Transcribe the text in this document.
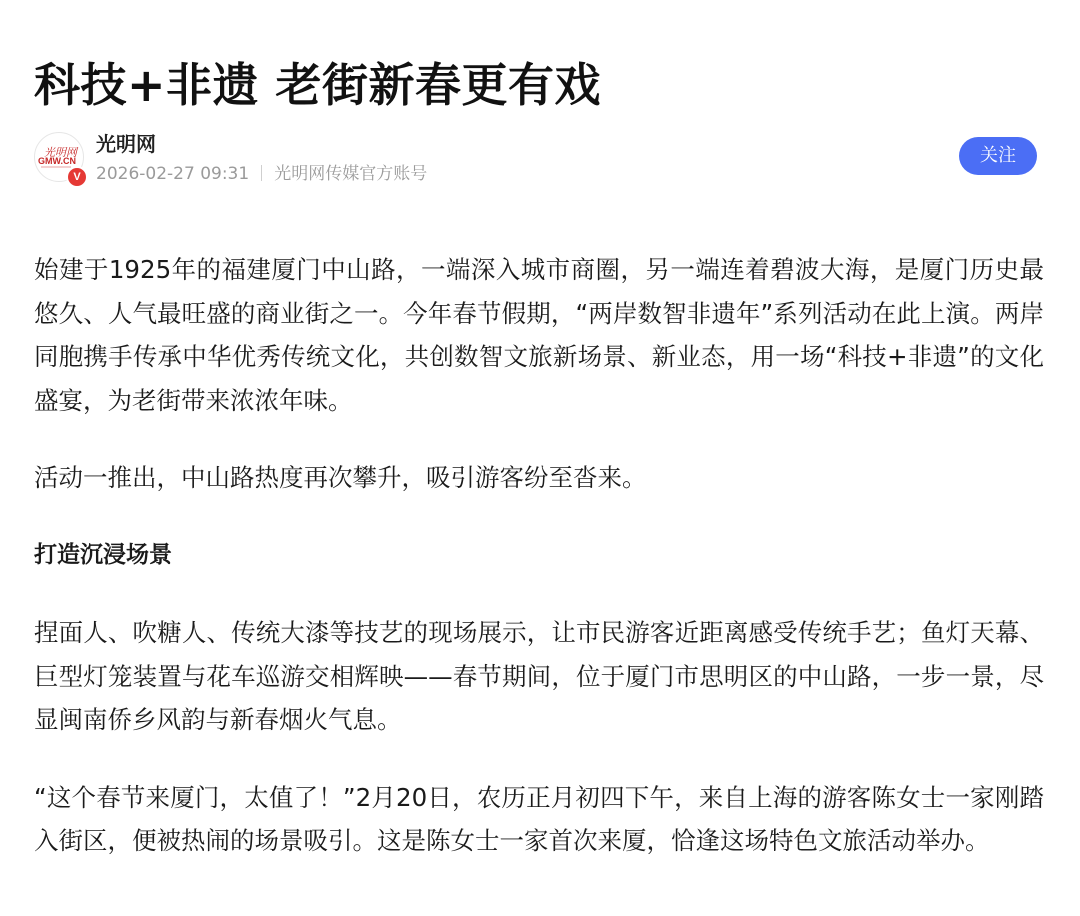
科技+非遗 老街新春更有戏
光明网
GMW.CN
V
光明网
2026-02-27 09:31 光明网传媒官方账号
关注

始建于1925年的福建厦门中山路，一端深入城市商圈，另一端连着碧波大海，是厦门历史最悠久、人气最旺盛的商业街之一。今年春节假期，“两岸数智非遗年”系列活动在此上演。两岸同胞携手传承中华优秀传统文化，共创数智文旅新场景、新业态，用一场“科技+非遗”的文化盛宴，为老街带来浓浓年味。

活动一推出，中山路热度再次攀升，吸引游客纷至沓来。

打造沉浸场景

捏面人、吹糖人、传统大漆等技艺的现场展示，让市民游客近距离感受传统手艺；鱼灯天幕、巨型灯笼装置与花车巡游交相辉映——春节期间，位于厦门市思明区的中山路，一步一景，尽显闽南侨乡风韵与新春烟火气息。

“这个春节来厦门，太值了！”2月20日，农历正月初四下午，来自上海的游客陈女士一家刚踏入街区，便被热闹的场景吸引。这是陈女士一家首次来厦，恰逢这场特色文旅活动举办。
